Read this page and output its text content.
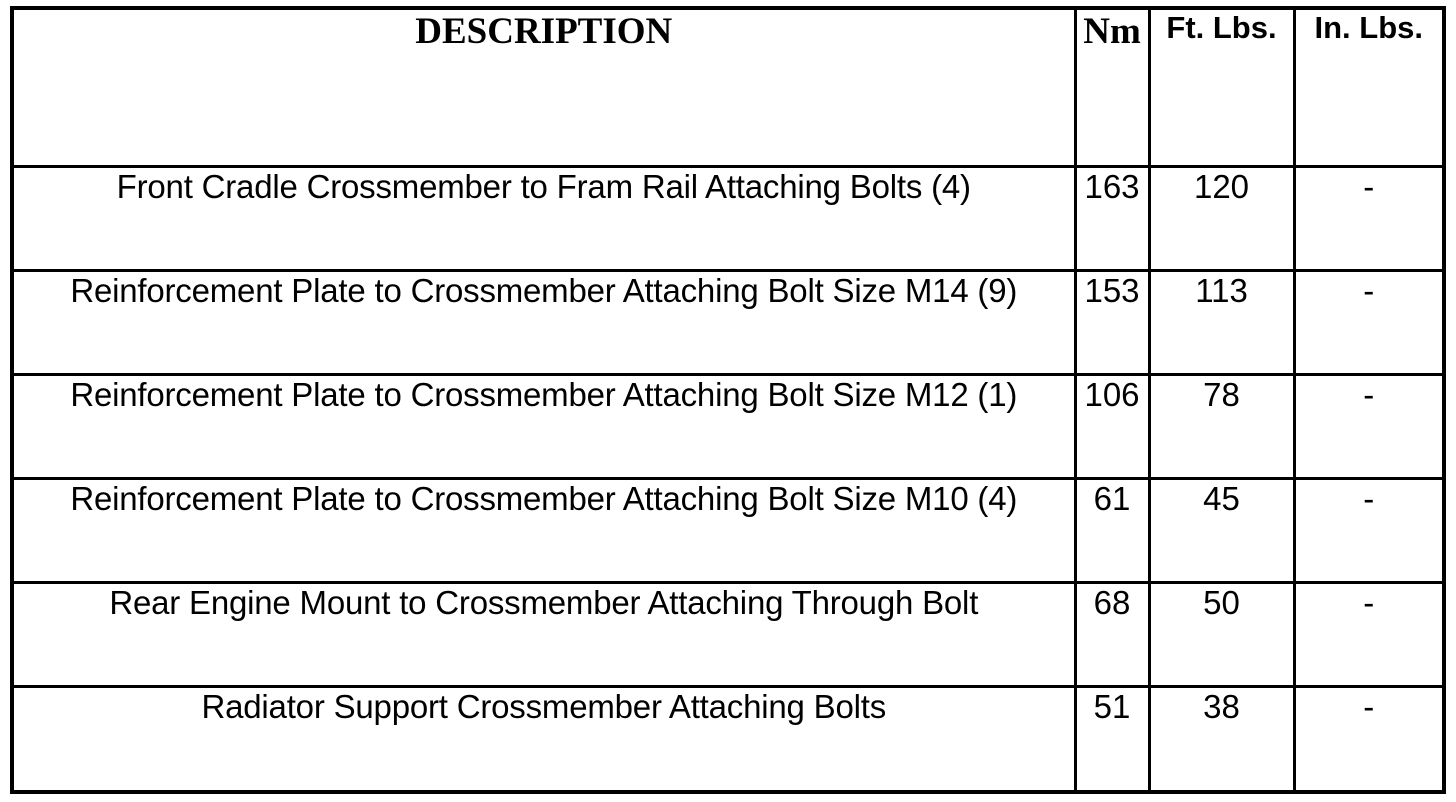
DESCRIPTION	Nm	Ft. Lbs.	In. Lbs.
Front Cradle Crossmember to Fram Rail Attaching Bolts (4)	163	120	-
Reinforcement Plate to Crossmember Attaching Bolt Size M14 (9)	153	113	-
Reinforcement Plate to Crossmember Attaching Bolt Size M12 (1)	106	78	-
Reinforcement Plate to Crossmember Attaching Bolt Size M10 (4)	61	45	-
Rear Engine Mount to Crossmember Attaching Through Bolt	68	50	-
Radiator Support Crossmember Attaching Bolts	51	38	-
